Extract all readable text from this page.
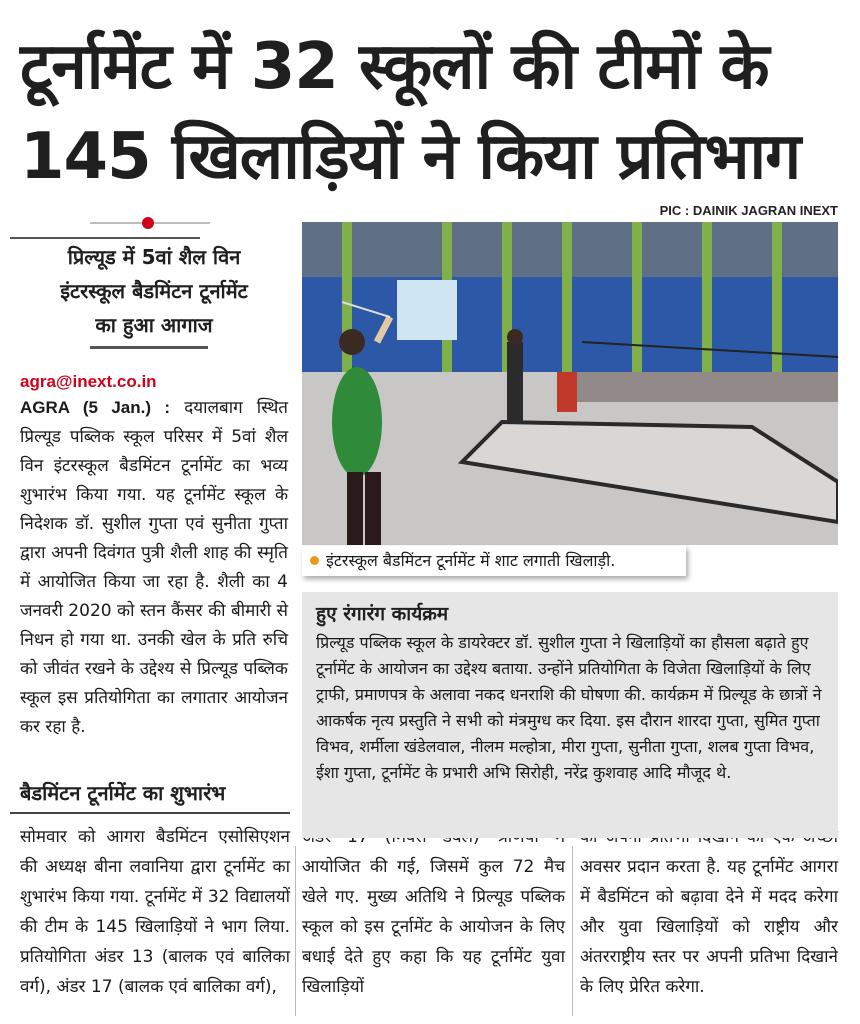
टूर्नामेंट में 32 स्कूलों की टीमों के
145 खिलाड़ियों ने किया प्रतिभाग
PIC : DAINIK JAGRAN INEXT
प्रिल्यूड में 5वां शैल विन
इंटरस्कूल बैडमिंटन टूर्नामेंट
का हुआ आगाज
agra@inext.co.in
AGRA (5 Jan.) : दयालबाग स्थित प्रिल्यूड पब्लिक स्कूल परिसर में 5वां शैल विन इंटरस्कूल बैडमिंटन टूर्नामेंट का भव्य शुभारंभ किया गया. यह टूर्नामेंट स्कूल के निदेशक डॉ. सुशील गुप्ता एवं सुनीता गुप्ता द्वारा अपनी दिवंगत पुत्री शैली शाह की स्मृति में आयोजित किया जा रहा है. शैली का 4 जनवरी 2020 को स्तन कैंसर की बीमारी से निधन हो गया था. उनकी खेल के प्रति रुचि को जीवंत रखने के उद्देश्य से प्रिल्यूड पब्लिक स्कूल इस प्रतियोगिता का लगातार आयोजन कर रहा है.
बैडमिंटन टूर्नामेंट का शुभारंभ
सोमवार को आगरा बैडमिंटन एसोसिएशन की अध्यक्ष बीना लवानिया द्वारा टूर्नामेंट का शुभारंभ किया गया. टूर्नामेंट में 32 विद्यालयों की टीम के 145 खिलाड़ियों ने भाग लिया. प्रतियोगिता अंडर 13 (बालक एवं बालिका वर्ग), अंडर 17 (बालक एवं बालिका वर्ग),
आयोजित की गई, जिसमें कुल 72 मैच खेले गए. मुख्य अतिथि ने प्रिल्यूड पब्लिक स्कूल को इस टूर्नामेंट के आयोजन के लिए बधाई देते हुए कहा कि यह टूर्नामेंट युवा खिलाड़ियों
अवसर प्रदान करता है. यह टूर्नामेंट आगरा में बैडमिंटन को बढ़ावा देने में मदद करेगा और युवा खिलाड़ियों को राष्ट्रीय और अंतरराष्ट्रीय स्तर पर अपनी प्रतिभा दिखाने के लिए प्रेरित करेगा.
इंटरस्कूल बैडमिंटन टूर्नामेंट में शाट लगाती खिलाड़ी.
हुए रंगारंग कार्यक्रम
प्रिल्यूड पब्लिक स्कूल के डायरेक्टर डॉ. सुशील गुप्ता ने खिलाड़ियों का हौसला बढ़ाते हुए टूर्नामेंट के आयोजन का उद्देश्य बताया. उन्होंने प्रतियोगिता के विजेता खिलाड़ियों के लिए ट्राफी, प्रमाणपत्र के अलावा नकद धनराशि की घोषणा की. कार्यक्रम में प्रिल्यूड के छात्रों ने आकर्षक नृत्य प्रस्तुति ने सभी को मंत्रमुग्ध कर दिया. इस दौरान शारदा गुप्ता, सुमित गुप्ता विभव, शर्मीला खंडेलवाल, नीलम मल्होत्रा, मीरा गुप्ता, सुनीता गुप्ता, शलब गुप्ता विभव, ईशा गुप्ता, टूर्नामेंट के प्रभारी अभि सिरोही, नरेंद्र कुशवाह आदि मौजूद थे.
